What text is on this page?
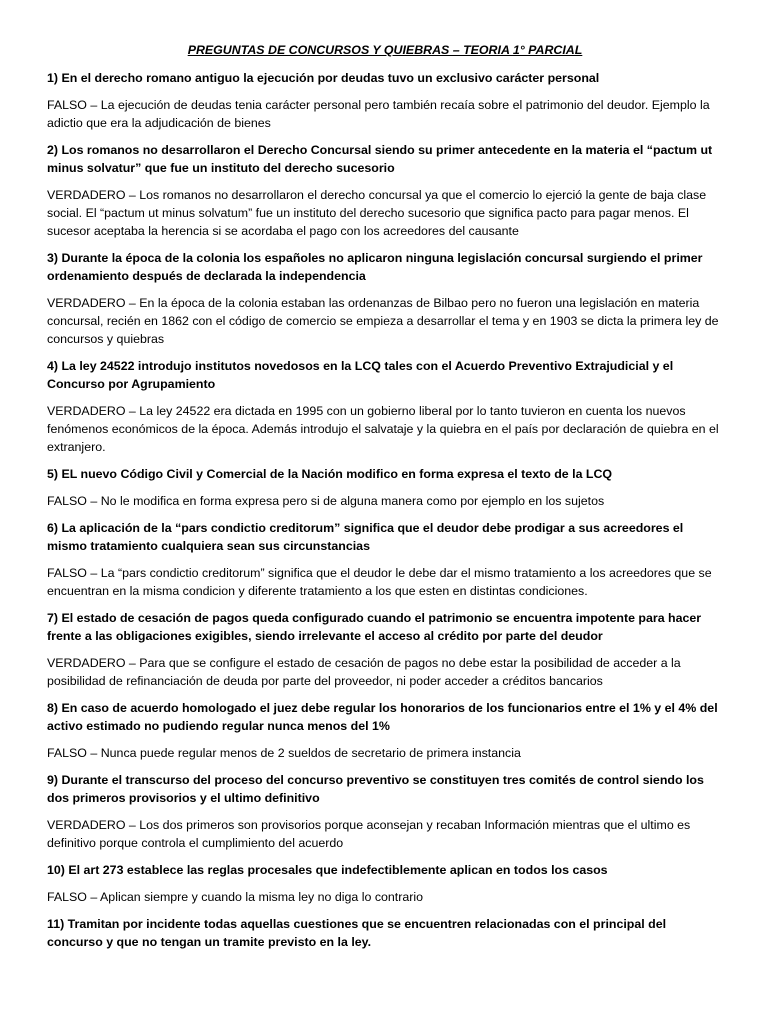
PREGUNTAS DE CONCURSOS Y QUIEBRAS – TEORIA 1° PARCIAL
1) En el derecho romano antiguo la ejecución por deudas tuvo un exclusivo carácter personal
FALSO – La ejecución de deudas tenia carácter personal pero también recaía sobre el patrimonio del deudor. Ejemplo la adictio que era la adjudicación de bienes
2) Los romanos no desarrollaron el Derecho Concursal siendo su primer antecedente en la materia el “pactum ut minus solvatur” que fue un instituto del derecho sucesorio
VERDADERO – Los romanos no desarrollaron el derecho concursal ya que el comercio lo ejerció la gente de baja clase social. El “pactum ut minus solvatum” fue un instituto del derecho sucesorio que significa pacto para pagar menos. El sucesor aceptaba la herencia si se acordaba el pago con los acreedores del causante
3) Durante la época de la colonia los españoles no aplicaron ninguna legislación concursal surgiendo el primer ordenamiento después de declarada la independencia
VERDADERO – En la época de la colonia estaban las ordenanzas de Bilbao pero no fueron una legislación en materia concursal, recién en 1862 con el código de comercio se empieza a desarrollar el tema y en 1903 se dicta la primera ley de concursos y quiebras
4) La ley 24522 introdujo institutos novedosos en la LCQ tales con el Acuerdo Preventivo Extrajudicial y el Concurso por Agrupamiento
VERDADERO – La ley 24522 era dictada en 1995 con un gobierno liberal por lo tanto tuvieron en cuenta los nuevos fenómenos económicos de la época. Además introdujo el salvataje y la quiebra en el país por declaración de quiebra en el extranjero.
5) EL nuevo Código Civil y Comercial de la Nación modifico en forma expresa el texto de la LCQ
FALSO – No le modifica en forma expresa pero si de alguna manera como por ejemplo en los sujetos
6) La aplicación de la “pars condictio creditorum” significa que el deudor debe prodigar a sus acreedores el mismo tratamiento cualquiera sean sus circunstancias
FALSO – La “pars condictio creditorum” significa que el deudor le debe dar el mismo tratamiento a los acreedores que se encuentran en la misma condicion y diferente tratamiento a los que esten en distintas condiciones.
7) El estado de cesación de pagos queda configurado cuando el patrimonio se encuentra impotente para hacer frente a las obligaciones exigibles, siendo irrelevante el acceso al crédito por parte del deudor
VERDADERO – Para que se configure el estado de cesación de pagos no debe estar la posibilidad de acceder a la posibilidad de refinanciación de deuda por parte del proveedor, ni poder acceder a créditos bancarios
8) En caso de acuerdo homologado el juez debe regular los honorarios de los funcionarios entre el 1% y el 4% del activo estimado no pudiendo regular nunca menos del 1%
FALSO – Nunca puede regular menos de 2 sueldos de secretario de primera instancia
9) Durante el transcurso del proceso del concurso preventivo se constituyen tres comités de control siendo los dos primeros provisorios y el ultimo definitivo
VERDADERO – Los dos primeros son provisorios porque aconsejan y recaban Información mientras que el ultimo es definitivo porque controla el cumplimiento del acuerdo
10) El art 273 establece las reglas procesales que indefectiblemente aplican en todos los casos
FALSO – Aplican siempre y cuando la misma ley no diga lo contrario
11) Tramitan por incidente todas aquellas cuestiones que se encuentren relacionadas con el principal del concurso y que no tengan un tramite previsto en la ley.
